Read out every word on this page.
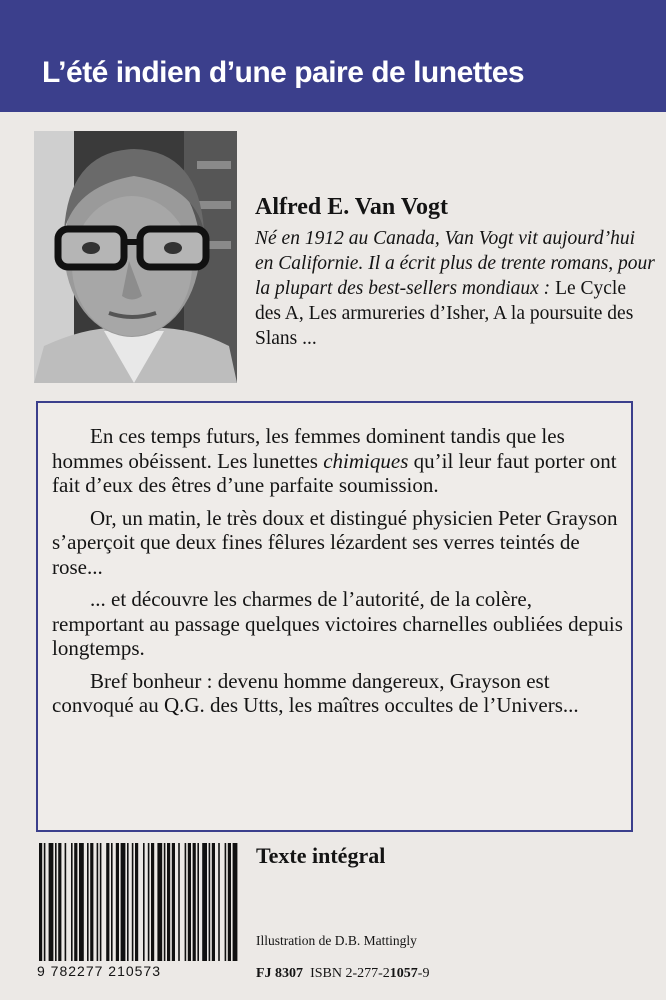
L’été indien d’une paire de lunettes
Alfred E. Van Vogt

Né en 1912 au Canada, Van Vogt vit aujourd’hui en Californie. Il a écrit plus de trente romans, pour la plupart des best-sellers mondiaux : Le Cycle des A, Les armureries d’Isher, A la poursuite des Slans ...

En ces temps futurs, les femmes dominent tandis que les hommes obéissent. Les lunettes chimiques qu’il leur faut porter ont fait d’eux des êtres d’une parfaite soumission.

Or, un matin, le très doux et distingué physicien Peter Grayson s’aperçoit que deux fines fêlures lézardent ses verres teintés de rose...

... et découvre les charmes de l’autorité, de la colère, remportant au passage quelques victoires charnelles oubliées depuis longtemps.

Bref bonheur : devenu homme dangereux, Grayson est convoqué au Q.G. des Utts, les maîtres occultes de l’Univers...

9 782277 210573
Texte intégral
Illustration de D.B. Mattingly
FJ 8307 ISBN 2-277-21057-9
